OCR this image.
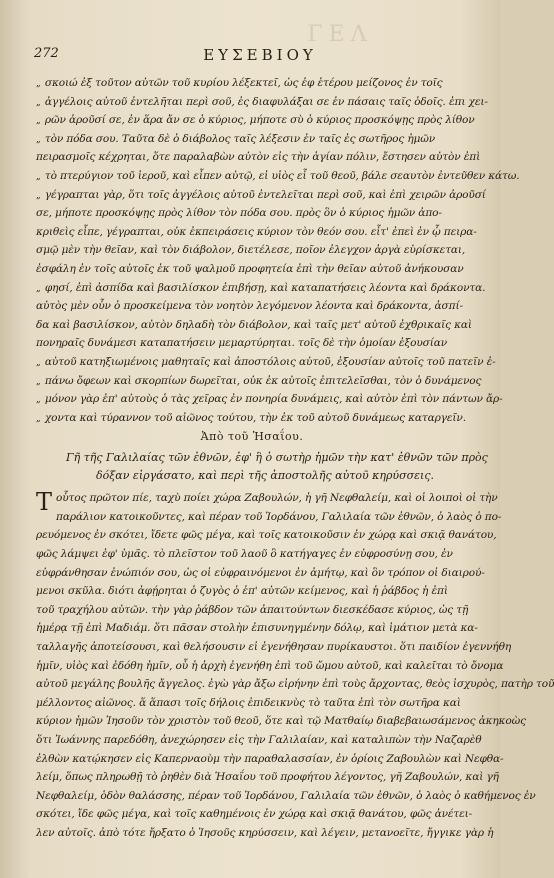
ΓΕΛ
272	ΕΥΣΕΒΙΟΥ
„ σκοιώ ἐξ τοῦτον αὐτῶν τοῦ κυρίου λέξεκτεῖ, ὡς ἐφ ἑτέρου μείζονος ἐν τοῖς
„ ἀγγέλοις αὐτοῦ ἐντελῆται περὶ σοῦ, ἐς διαφυλάξαι σε ἐν πάσαις ταῖς ὁδοῖς. ἐπι χει-
„ ρῶν ἀροῦσί σε, ἐν ἅρα ἄν σε ὁ κύριος, μήποτε σὺ ὁ κύριος προσκόψῃς πρὸς λίθον
„ τὸν πόδα σου. Ταῦτα δὲ ὁ διάβολος ταῖς λέξεσιν ἐν ταῖς ἐς σωτῆρος ἡμῶν
πειρασμοῖς κέχρηται, ὅτε παραλαβὼν αὐτὸν εἰς τὴν ἁγίαν πόλιν, ἔστησεν αὐτὸν ἐπὶ
„ τὸ πτερύγιον τοῦ ἱεροῦ, καὶ εἶπεν αὐτῷ, εἰ υἱὸς εἶ τοῦ θεοῦ, βάλε σεαυτὸν ἐντεῦθεν κάτω.
„ γέγραπται γὰρ, ὅτι τοῖς ἀγγέλοις αὐτοῦ ἐντελεῖται περὶ σοῦ, καὶ ἐπὶ χειρῶν ἀροῦσί
σε, μήποτε προσκόψῃς πρὸς λίθον τὸν πόδα σου. πρὸς ὃν ὁ κύριος ἡμῶν ἀπο-
κριθεὶς εἶπε, γέγραπται, οὐκ ἐκπειράσεις κύριον τὸν θεόν σου. εἶτ' ἐπεὶ ἐν ᾧ πειρα-
σμῷ μὲν τὴν θεῖαν, καὶ τὸν διάβολον, διετέλεσε, ποῖον ἐλεγχον ἀργὰ εὑρίσκεται,
ἐσφάλη ἐν τοῖς αὐτοῖς ἐκ τοῦ ψαλμοῦ προφητεία ἐπὶ τὴν θεῖαν αὐτοῦ ἀνήκουσαν
„ φησί, ἐπὶ ἀσπίδα καὶ βασιλίσκον ἐπιβήσῃ, καὶ καταπατήσεις λέοντα καὶ δράκοντα.
αὐτὸς μὲν οὖν ὁ προσκείμενα τὸν νοητὸν λεγόμενον λέοντα καὶ δράκοντα, ἀσπί-
δα καὶ βασιλίσκον, αὐτὸν δηλαδὴ τὸν διάβολον, καὶ ταῖς μετ' αὐτοῦ ἐχθρικαῖς καὶ
πονηραῖς δυνάμεσι καταπατήσειν μεμαρτύρηται. τοῖς δὲ τὴν ὁμοίαν ἐξουσίαν
„ αὐτοῦ κατηξιωμένοις μαθηταῖς καὶ ἀποστόλοις αὐτοῦ, ἐξουσίαν αὐτοῖς τοῦ πατεῖν ἐ-
„ πάνω ὄφεων καὶ σκορπίων δωρεῖται, οὐκ ἐκ αὐτοῖς ἐπιτελεῖσθαι, τὸν ὁ δυνάμενος
„ μόνον γὰρ ἐπ' αὐτοὺς ὁ τὰς χεῖρας ἐν πονηρία δυνάμεις, καὶ αὐτὸν ἐπὶ τὸν πάντων ἄρ-
„ χοντα καὶ τύραννον τοῦ αἰῶνος τούτου, τὴν ἐκ τοῦ αὐτοῦ δυνάμεως καταργεῖν.
Ἀπὸ τοῦ Ἡσαΐου.
Γῆ τῆς Γαλιλαίας τῶν ἐθνῶν, ἐφ' ἣ ὁ σωτὴρ ἡμῶν τὴν κατ' ἐθνῶν τῶν πρὸς
δόξαν εἰργάσατο, καὶ περὶ τῆς ἀποστολῆς αὐτοῦ κηρύσσεις.
Τ οὗτος πρῶτον πίε, ταχὺ ποίει χώρα Ζαβουλών, ἡ γῆ Νεφθαλείμ, καὶ οἱ λοιποὶ οἱ τὴν
παράλιον κατοικοῦντες, καὶ πέραν τοῦ Ἰορδάνου, Γαλιλαία τῶν ἐθνῶν, ὁ λαὸς ὁ πο-
ρευόμενος ἐν σκότει, ἴδετε φῶς μέγα, καὶ τοῖς κατοικοῦσιν ἐν χώρᾳ καὶ σκιᾷ θανάτου,
φῶς λάμψει ἐφ' ὑμᾶς. τὸ πλεῖστον τοῦ λαοῦ ὃ κατήγαγες ἐν εὐφροσύνῃ σου, ἐν
εὐφράνθησαν ἐνώπιόν σου, ὡς οἱ εὐφραινόμενοι ἐν ἀμήτῳ, καὶ ὃν τρόπον οἱ διαιρού-
μενοι σκῦλα. διότι ἀφῄρηται ὁ ζυγὸς ὁ ἐπ' αὐτῶν κείμενος, καὶ ἡ ῥάβδος ἡ ἐπὶ
τοῦ τραχήλου αὐτῶν. τὴν γὰρ ῥάβδον τῶν ἀπαιτούντων διεσκέδασε κύριος, ὡς τῇ
ἡμέρᾳ τῇ ἐπὶ Μαδιάμ. ὅτι πᾶσαν στολὴν ἐπισυνηγμένην δόλῳ, καὶ ἱμάτιον μετὰ κα-
ταλλαγῆς ἀποτείσουσι, καὶ θελήσουσιν εἰ ἐγενήθησαν πυρίκαυστοι. ὅτι παιδίον ἐγεννήθη
ἡμῖν, υἱὸς καὶ ἐδόθη ἡμῖν, οὗ ἡ ἀρχὴ ἐγενήθη ἐπὶ τοῦ ὤμου αὐτοῦ, καὶ καλεῖται τὸ ὄνομα
αὐτοῦ μεγάλης βουλῆς ἄγγελος. ἐγὼ γὰρ ἄξω εἰρήνην ἐπὶ τοὺς ἄρχοντας, θεὸς ἰσχυρὸς, πατὴρ τοῦ
μέλλοντος αἰῶνος. ἅ ἅπασι τοῖς δήλοις ἐπιδεικνὺς τὸ ταῦτα ἐπὶ τὸν σωτῆρα καὶ
κύριον ἡμῶν Ἰησοῦν τὸν χριστὸν τοῦ θεοῦ, ὅτε καὶ τῷ Ματθαίῳ διαβεβαιωσάμενος ἀκηκοὼς
ὅτι Ἰωάννης παρεδόθη, ἀνεχώρησεν εἰς τὴν Γαλιλαίαν, καὶ καταλιπὼν τὴν Ναζαρὲθ
ἐλθὼν κατῴκησεν εἰς Καπερναοὺμ τὴν παραθαλασσίαν, ἐν ὁρίοις Ζαβουλὼν καὶ Νεφθα-
λείμ, ὅπως πληρωθῇ τὸ ῥηθὲν διὰ Ἡσαΐου τοῦ προφήτου λέγοντος, γῆ Ζαβουλών, καὶ γῆ
Νεφθαλείμ, ὁδὸν θαλάσσης, πέραν τοῦ Ἰορδάνου, Γαλιλαία τῶν ἐθνῶν, ὁ λαὸς ὁ καθήμενος ἐν
σκότει, ἴδε φῶς μέγα, καὶ τοῖς καθημένοις ἐν χώρᾳ καὶ σκιᾷ θανάτου, φῶς ἀνέτει-
λεν αὐτοῖς. ἀπὸ τότε ἤρξατο ὁ Ἰησοῦς κηρύσσειν, καὶ λέγειν, μετανοεῖτε, ἤγγικε γὰρ ἡ
